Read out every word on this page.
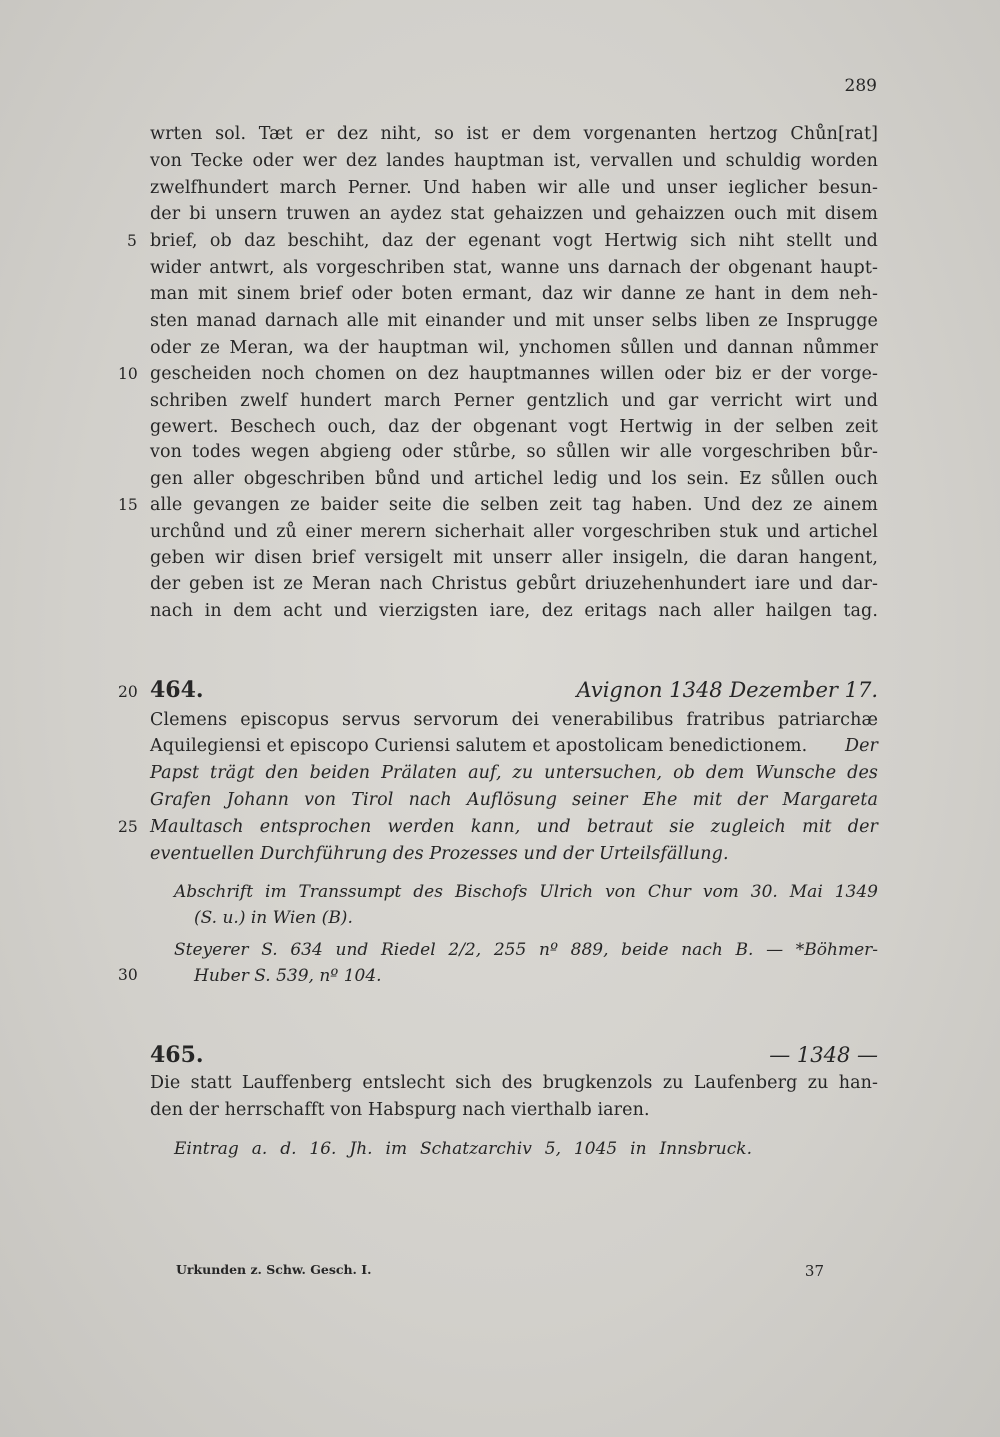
289
wrten sol. Tæt er dez niht, so ist er dem vorgenanten hertzog Chůn[rat]
von Tecke oder wer dez landes hauptman ist, vervallen und schuldig worden
zwelfhundert march Perner. Und haben wir alle und unser ieglicher besun-
der bi unsern truwen an aydez stat gehaizzen und gehaizzen ouch mit disem
brief, ob daz beschiht, daz der egenant vogt Hertwig sich niht stellt und
wider antwrt, als vorgeschriben stat, wanne uns darnach der obgenant haupt-
man mit sinem brief oder boten ermant, daz wir danne ze hant in dem neh-
sten manad darnach alle mit einander und mit unser selbs liben ze Insprugge
oder ze Meran, wa der hauptman wil, ynchomen sůllen und dannan nůmmer
gescheiden noch chomen on dez hauptmannes willen oder biz er der vorge-
schriben zwelf hundert march Perner gentzlich und gar verricht wirt und
gewert. Beschech ouch, daz der obgenant vogt Hertwig in der selben zeit
von todes wegen abgieng oder stůrbe, so sůllen wir alle vorgeschriben bůr-
gen aller obgeschriben bůnd und artichel ledig und los sein. Ez sůllen ouch
alle gevangen ze baider seite die selben zeit tag haben. Und dez ze ainem
urchůnd und zů einer merern sicherhait aller vorgeschriben stuk und artichel
geben wir disen brief versigelt mit unserr aller insigeln, die daran hangent,
der geben ist ze Meran nach Christus gebůrt driuzehenhundert iare und dar-
nach in dem acht und vierzigsten iare, dez eritags nach aller hailgen tag.
5
10
15
20
25
30
464.	Avignon 1348 Dezember 17.
Clemens episcopus servus servorum dei venerabilibus fratribus patriarchæ
Aquilegiensi et episcopo Curiensi salutem et apostolicam benedictionem. Der
Papst trägt den beiden Prälaten auf, zu untersuchen, ob dem Wunsche des
Grafen Johann von Tirol nach Auflösung seiner Ehe mit der Margareta
Maultasch entsprochen werden kann, und betraut sie zugleich mit der
eventuellen Durchführung des Prozesses und der Urteilsfällung.
Abschrift im Transsumpt des Bischofs Ulrich von Chur vom 30. Mai 1349
(S. u.) in Wien (B).
Steyerer S. 634 und Riedel 2/2, 255 nº 889, beide nach B. — *Böhmer-
Huber S. 539, nº 104.
465.	— 1348 —
Die statt Lauffenberg entslecht sich des brugkenzols zu Laufenberg zu han-
den der herrschafft von Habspurg nach vierthalb iaren.
Eintrag a. d. 16. Jh. im Schatzarchiv 5, 1045 in Innsbruck.
Urkunden z. Schw. Gesch. I.	37
